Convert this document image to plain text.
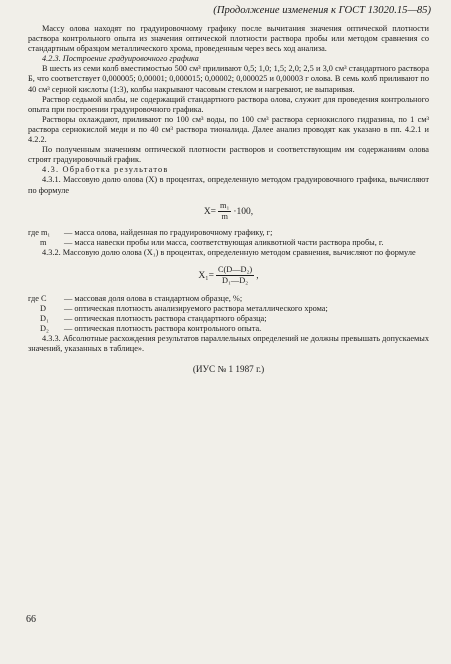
(Продолжение изменения к ГОСТ 13020.15—85)

Массу олова находят по градуировочному графику после вычитания значения оптической плотности раствора контрольного опыта из значения оптической плотности раствора пробы или методом сравнения со стандартным образцом металлического хрома, проведенным через весь ход анализа.

4.2.3. Построение градуировочного графика

В шесть из семи колб вместимостью 500 см³ приливают 0,5; 1,0; 1,5; 2,0; 2,5 и 3,0 см³ стандартного раствора Б, что соответствует 0,000005; 0,00001; 0,000015; 0,00002; 0,000025 и 0,00003 г олова. В семь колб приливают по 40 см³ серной кислоты (1:3), колбы накрывают часовым стеклом и нагревают, не выпаривая.

Раствор седьмой колбы, не содержащий стандартного раствора олова, служит для проведения контрольного опыта при построении градуировочного графика.

Растворы охлаждают, приливают по 100 см³ воды, по 100 см³ раствора сернокислого гидразина, по 1 см³ раствора сернокислой меди и по 40 см³ раствора тионалида. Далее анализ проводят как указано в пп. 4.2.1 и 4.2.2.

По полученным значениям оптической плотности растворов и соответствующим им содержаниям олова строят градуировочный график.

4.3. Обработка результатов

4.3.1. Массовую долю олова (X) в процентах, определенную методом градуировочного графика, вычисляют по формуле

$X= \frac{\text{m₁}}{m} \cdot 100$,
где m₁	— масса олова, найденная по градуировочному графику, г;
m	— масса навески пробы или масса, соответствующая аликвотной части раствора пробы, г.

4.3.2. Массовую долю олова (X₁) в процентах, определенную методом сравнения, вычисляют по формуле

$X_1= \frac{\text{C(D—D₂)}}{\text{D₁—D₂}}$ ,
где C	— массовая доля олова в стандартном образце, %;
D	— оптическая плотность анализируемого раствора металлического хрома;
D₁	— оптическая плотность раствора стандартного образца;
D₂	— оптическая плотность раствора контрольного опыта.

4.3.3. Абсолютные расхождения результатов параллельных определений не должны превышать допускаемых значений, указанных в таблице».

(ИУС № 1 1987 г.)
66
